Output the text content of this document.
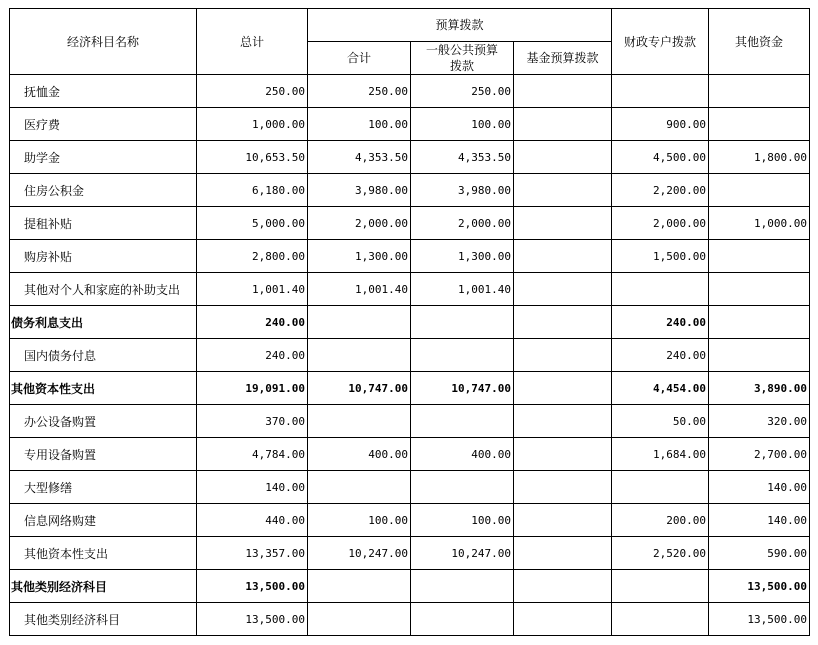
经济科目名称	总计	预算拨款			财政专户拨款	其他资金
		合计	一般公共预算拨款	基金预算拨款		
抚恤金	250.00	250.00	250.00			
医疗费	1,000.00	100.00	100.00		900.00	
助学金	10,653.50	4,353.50	4,353.50		4,500.00	1,800.00
住房公积金	6,180.00	3,980.00	3,980.00		2,200.00	
提租补贴	5,000.00	2,000.00	2,000.00		2,000.00	1,000.00
购房补贴	2,800.00	1,300.00	1,300.00		1,500.00	
其他对个人和家庭的补助支出	1,001.40	1,001.40	1,001.40			
债务利息支出	240.00				240.00	
国内债务付息	240.00				240.00	
其他资本性支出	19,091.00	10,747.00	10,747.00		4,454.00	3,890.00
办公设备购置	370.00				50.00	320.00
专用设备购置	4,784.00	400.00	400.00		1,684.00	2,700.00
大型修缮	140.00					140.00
信息网络购建	440.00	100.00	100.00		200.00	140.00
其他资本性支出	13,357.00	10,247.00	10,247.00		2,520.00	590.00
其他类别经济科目	13,500.00					13,500.00
其他类别经济科目	13,500.00					13,500.00
